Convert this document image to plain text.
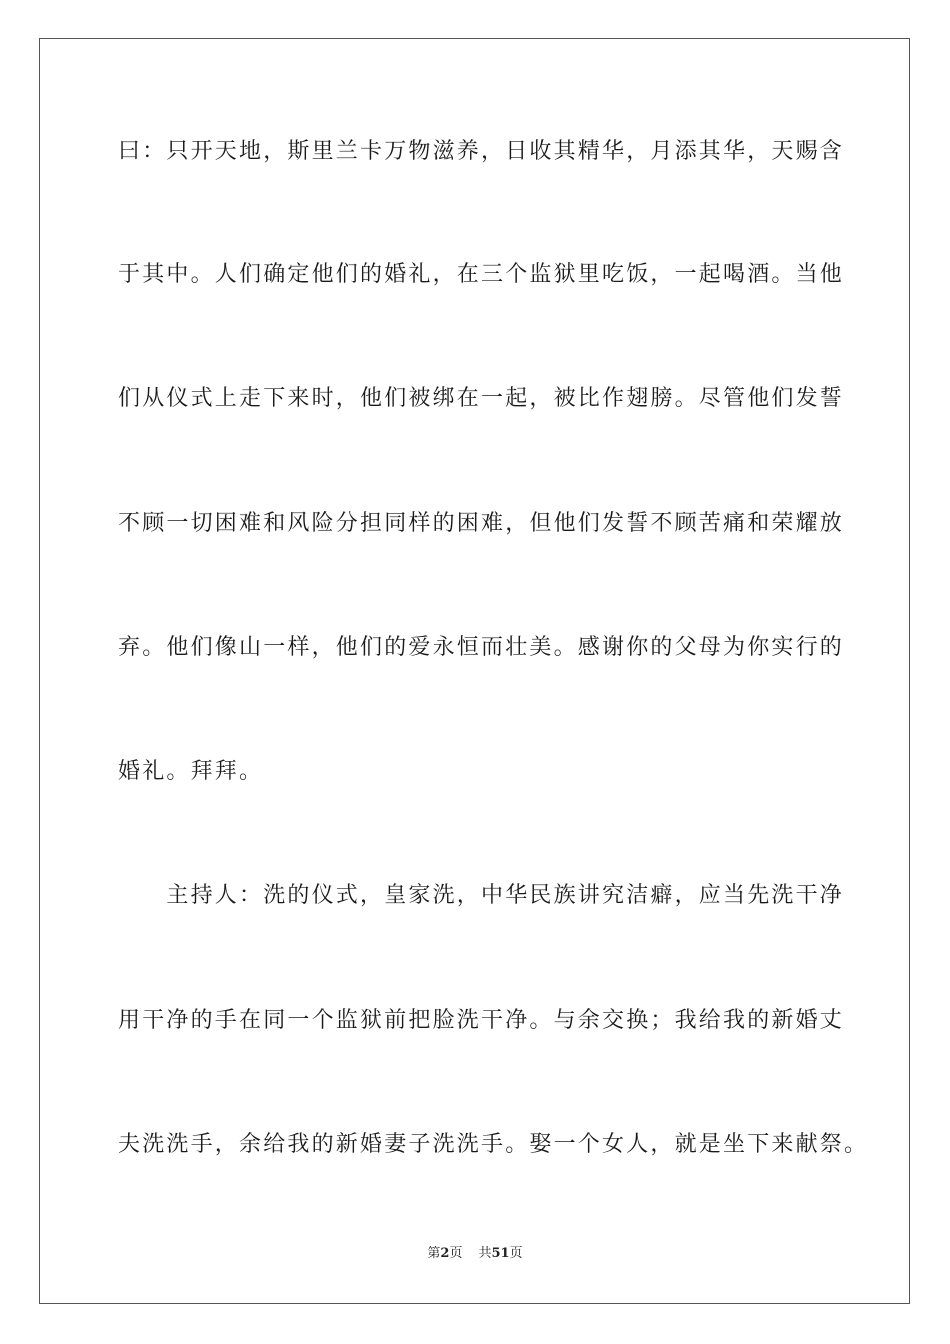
曰：只开天地，斯里兰卡万物滋养，日收其精华，月添其华，天赐含
于其中。人们确定他们的婚礼，在三个监狱里吃饭，一起喝酒。当他
们从仪式上走下来时，他们被绑在一起，被比作翅膀。尽管他们发誓
不顾一切困难和风险分担同样的困难，但他们发誓不顾苦痛和荣耀放
弃。他们像山一样，他们的爱永恒而壮美。感谢你的父母为你实行的
婚礼。拜拜。
　　主持人：洗的仪式，皇家洗，中华民族讲究洁癖，应当先洗干净
用干净的手在同一个监狱前把脸洗干净。与余交换；我给我的新婚丈
夫洗洗手，余给我的新婚妻子洗洗手。娶一个女人，就是坐下来献祭。
第2页 共51页
